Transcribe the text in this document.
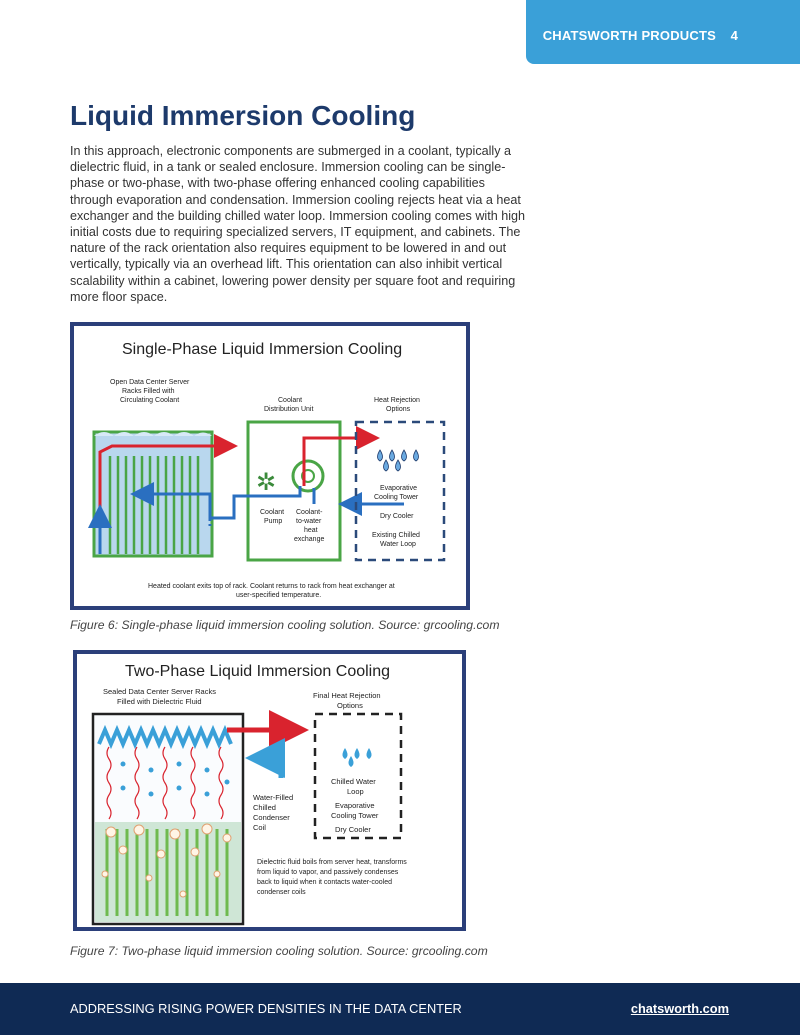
CHATSWORTH PRODUCTS 4
Liquid Immersion Cooling

In this approach, electronic components are submerged in a coolant, typically a dielectric fluid, in a tank or sealed enclosure. Immersion cooling can be single-phase or two-phase, with two-phase offering enhanced cooling capabilities through evaporation and condensation. Immersion cooling rejects heat via a heat exchanger and the building chilled water loop. Immersion cooling comes with high initial costs due to requiring specialized servers, IT equipment, and cabinets. The nature of the rack orientation also requires equipment to be lowered in and out vertically, typically via an overhead lift. This orientation can also inhibit vertical scalability within a cabinet, lowering power density per square foot and requiring more floor space.

Single-Phase Liquid Immersion Cooling
Open Data Center Server
Racks Filled with
Circulating Coolant	Coolant
Distribution Unit
Heat Rejection
Options
✲
Coolant
Pump
Coolant-
to-water
heat
exchange
Evaporative
Cooling Tower
Dry Cooler
Existing Chilled
Water Loop
Heated coolant exits top of rack. Coolant returns to rack from heat exchanger at
user-specified temperature.
Figure 6: Single-phase liquid immersion cooling solution. Source: grcooling.com
Two-Phase Liquid Immersion Cooling
Sealed Data Center Server Racks
Filled with Dielectric Fluid
Final Heat Rejection
Options
Water-Filled
Chilled
Condenser
Coil
Chilled Water
Loop
Evaporative
Cooling Tower
Dry Cooler
Dielectric fluid boils from server heat, transforms
from liquid to vapor, and passively condenses
back to liquid when it contacts water-cooled
condenser coils
Figure 7: Two-phase liquid immersion cooling solution. Source: grcooling.com
ADDRESSING RISING POWER DENSITIES IN THE DATA CENTER	chatsworth.com
